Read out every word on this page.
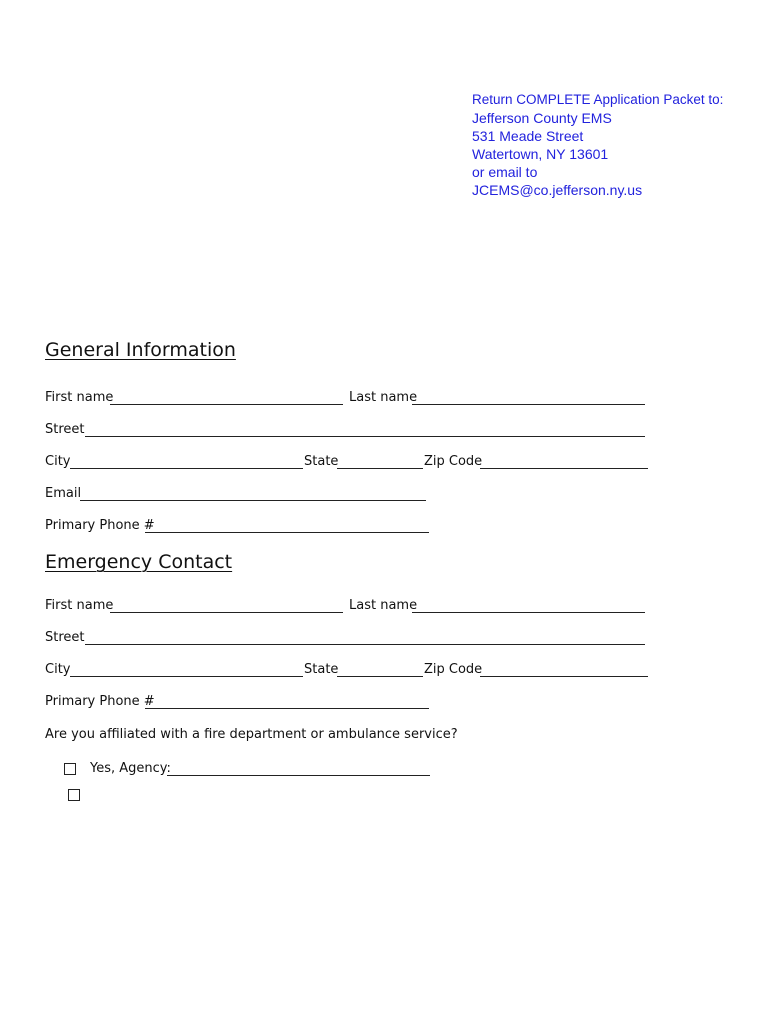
Return COMPLETE Application Packet to:
Jefferson County EMS
531 Meade Street
Watertown, NY 13601
or email to
JCEMS@co.jefferson.ny.us
General Information
First name	Last name
Street
City	State	Zip Code
Email
Primary Phone #
Emergency Contact
First name	Last name
Street
City	State	Zip Code
Primary Phone #
Are you affiliated with a fire department or ambulance service?
Yes, Agency:
